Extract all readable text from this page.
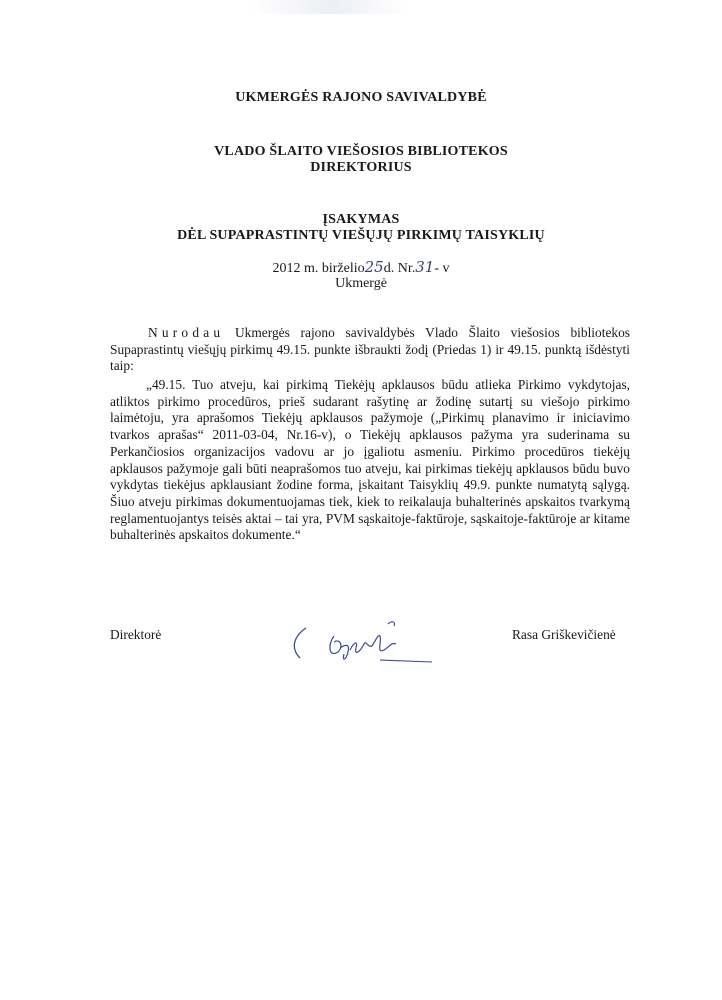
UKMERGĖS RAJONO SAVIVALDYBĖ
VLADO ŠLAITO VIEŠOSIOS BIBLIOTEKOS
DIREKTORIUS
ĮSAKYMAS
DĖL SUPAPRASTINTŲ VIEŠŲJŲ PIRKIMŲ TAISYKLIŲ
2012 m. birželio25d. Nr.31- v
Ukmergė
Nurodau Ukmergės rajono savivaldybės Vlado Šlaito viešosios bibliotekos Supaprastintų viešųjų pirkimų 49.15. punkte išbraukti žodį (Priedas 1) ir 49.15. punktą išdėstyti taip:
„49.15. Tuo atveju, kai pirkimą Tiekėjų apklausos būdu atlieka Pirkimo vykdytojas, atliktos pirkimo procedūros, prieš sudarant rašytinę ar žodinę sutartį su viešojo pirkimo laimėtoju, yra aprašomos Tiekėjų apklausos pažymoje („Pirkimų planavimo ir iniciavimo tvarkos aprašas“ 2011-03-04, Nr.16-v), o Tiekėjų apklausos pažyma yra suderinama su Perkančiosios organizacijos vadovu ar jo įgaliotu asmeniu. Pirkimo procedūros tiekėjų apklausos pažymoje gali būti neaprašomos tuo atveju, kai pirkimas tiekėjų apklausos būdu buvo vykdytas tiekėjus apklausiant žodine forma, įskaitant Taisyklių 49.9. punkte numatytą sąlygą. Šiuo atveju pirkimas dokumentuojamas tiek, kiek to reikalauja buhalterinės apskaitos tvarkymą reglamentuojantys teisės aktai – tai yra, PVM sąskaitoje-faktūroje, sąskaitoje-faktūroje ar kitame buhalterinės apskaitos dokumente.“
Direktorė	Rasa Griškevičienė
